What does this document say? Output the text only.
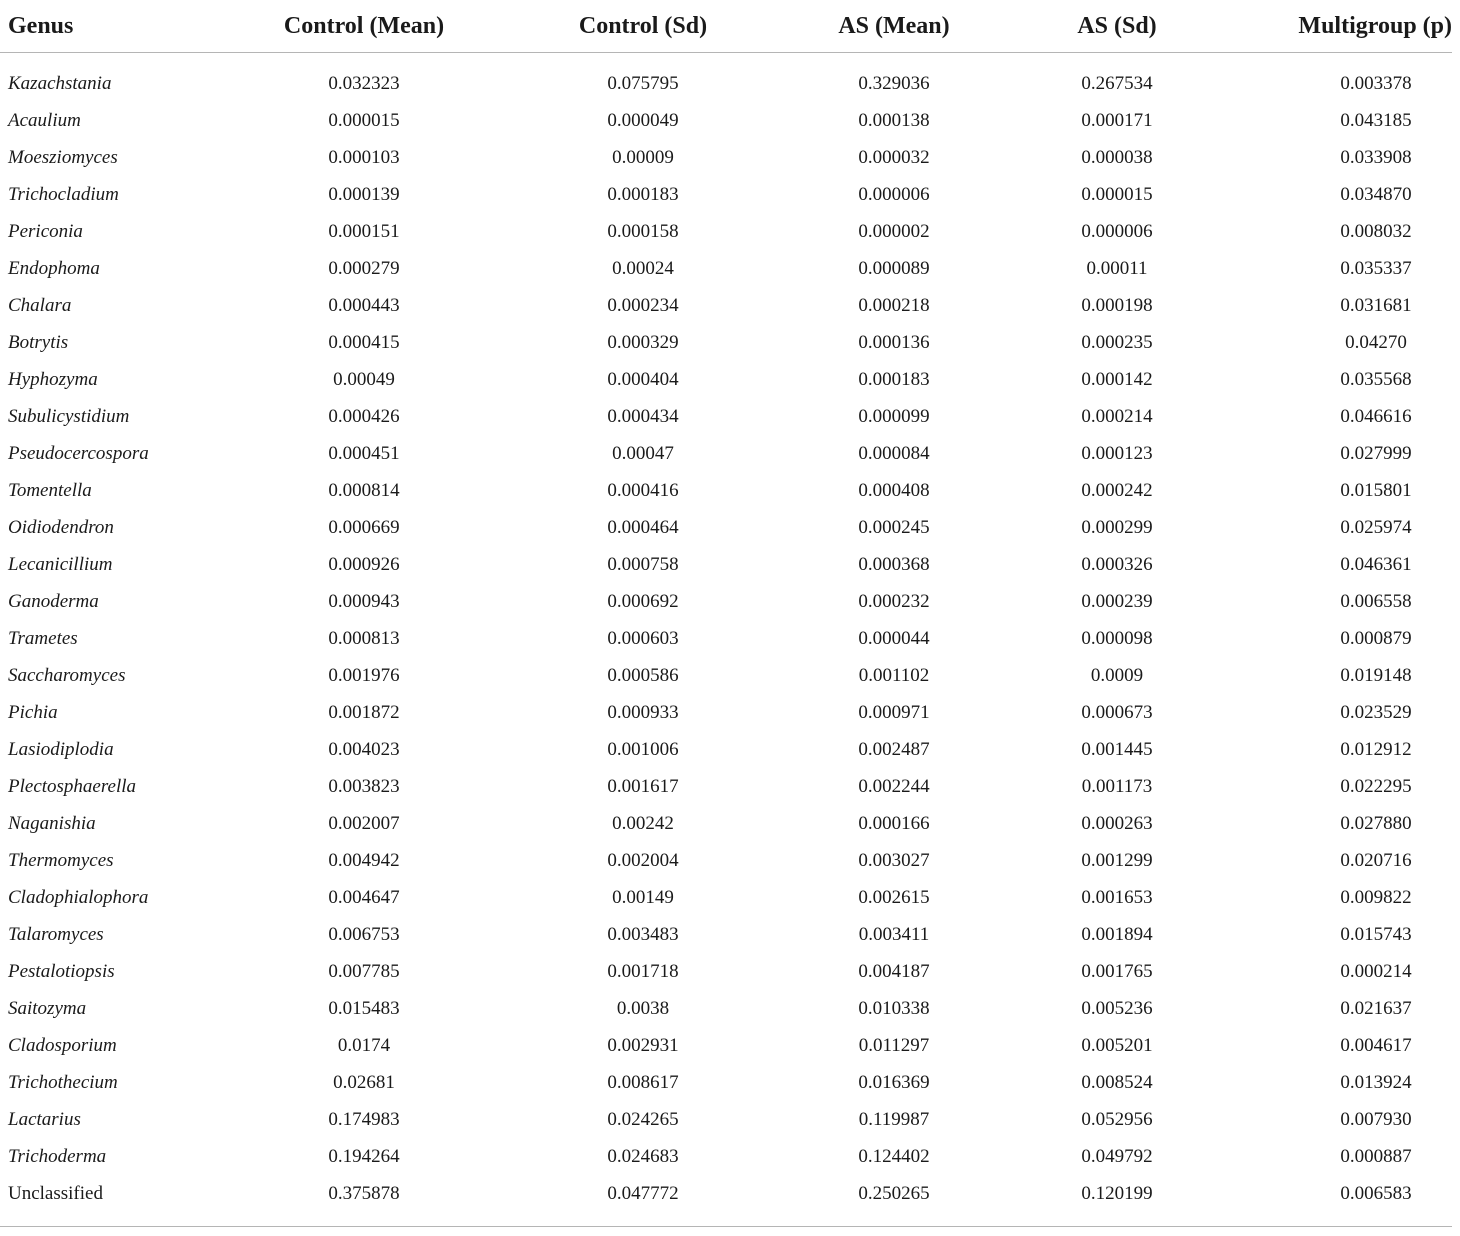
Genus	Control (Mean)	Control (Sd)	AS (Mean)	AS (Sd)	Multigroup (p)
Kazachstania	0.032323	0.075795	0.329036	0.267534	0.003378
Acaulium	0.000015	0.000049	0.000138	0.000171	0.043185
Moesziomyces	0.000103	0.00009	0.000032	0.000038	0.033908
Trichocladium	0.000139	0.000183	0.000006	0.000015	0.034870
Periconia	0.000151	0.000158	0.000002	0.000006	0.008032
Endophoma	0.000279	0.00024	0.000089	0.00011	0.035337
Chalara	0.000443	0.000234	0.000218	0.000198	0.031681
Botrytis	0.000415	0.000329	0.000136	0.000235	0.04270
Hyphozyma	0.00049	0.000404	0.000183	0.000142	0.035568
Subulicystidium	0.000426	0.000434	0.000099	0.000214	0.046616
Pseudocercospora	0.000451	0.00047	0.000084	0.000123	0.027999
Tomentella	0.000814	0.000416	0.000408	0.000242	0.015801
Oidiodendron	0.000669	0.000464	0.000245	0.000299	0.025974
Lecanicillium	0.000926	0.000758	0.000368	0.000326	0.046361
Ganoderma	0.000943	0.000692	0.000232	0.000239	0.006558
Trametes	0.000813	0.000603	0.000044	0.000098	0.000879
Saccharomyces	0.001976	0.000586	0.001102	0.0009	0.019148
Pichia	0.001872	0.000933	0.000971	0.000673	0.023529
Lasiodiplodia	0.004023	0.001006	0.002487	0.001445	0.012912
Plectosphaerella	0.003823	0.001617	0.002244	0.001173	0.022295
Naganishia	0.002007	0.00242	0.000166	0.000263	0.027880
Thermomyces	0.004942	0.002004	0.003027	0.001299	0.020716
Cladophialophora	0.004647	0.00149	0.002615	0.001653	0.009822
Talaromyces	0.006753	0.003483	0.003411	0.001894	0.015743
Pestalotiopsis	0.007785	0.001718	0.004187	0.001765	0.000214
Saitozyma	0.015483	0.0038	0.010338	0.005236	0.021637
Cladosporium	0.0174	0.002931	0.011297	0.005201	0.004617
Trichothecium	0.02681	0.008617	0.016369	0.008524	0.013924
Lactarius	0.174983	0.024265	0.119987	0.052956	0.007930
Trichoderma	0.194264	0.024683	0.124402	0.049792	0.000887
Unclassified	0.375878	0.047772	0.250265	0.120199	0.006583
